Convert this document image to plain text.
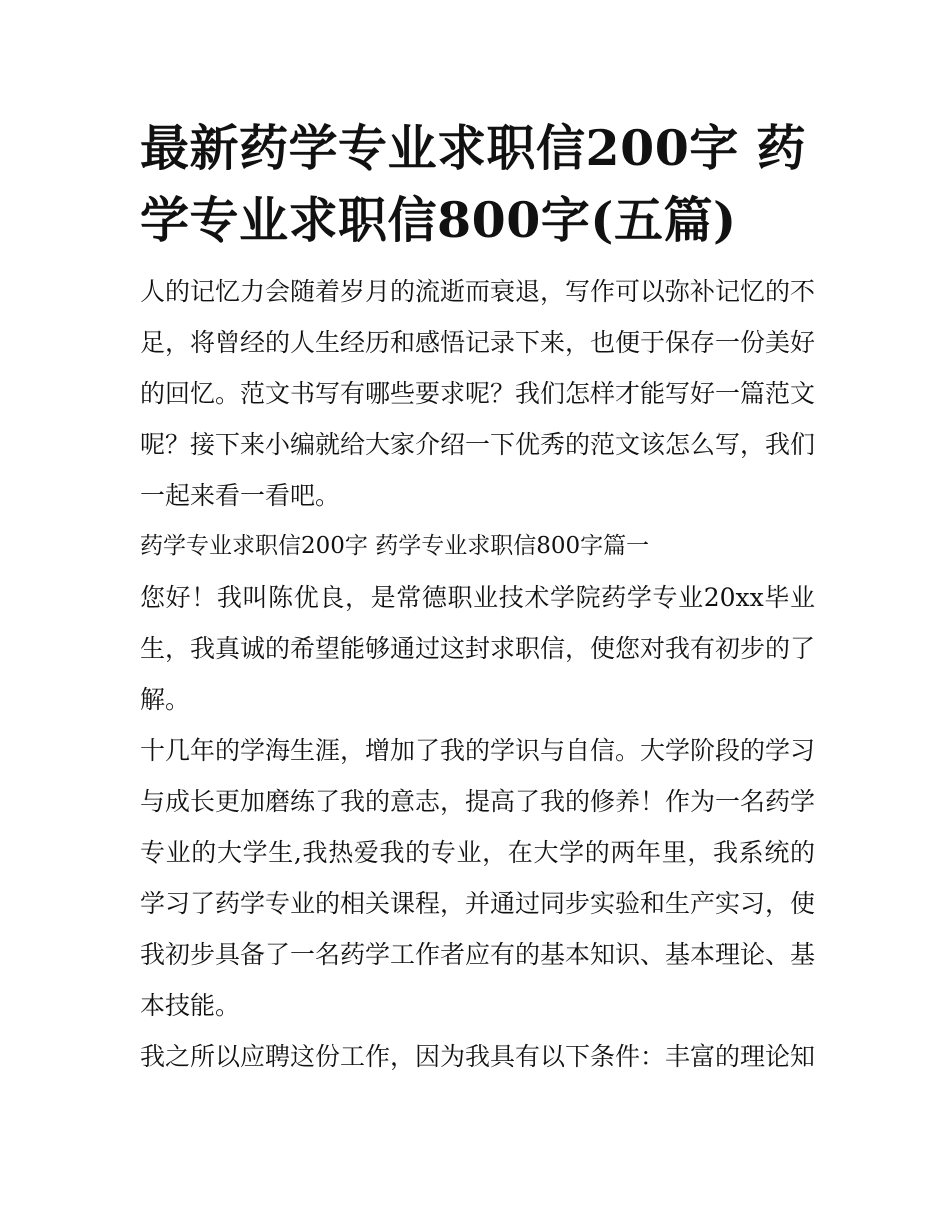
最新药学专业求职信200字 药学专业求职信800字(五篇)

人的记忆力会随着岁月的流逝而衰退，写作可以弥补记忆的不足，将曾经的人生经历和感悟记录下来，也便于保存一份美好的回忆。范文书写有哪些要求呢？我们怎样才能写好一篇范文呢？接下来小编就给大家介绍一下优秀的范文该怎么写，我们一起来看一看吧。

药学专业求职信200字 药学专业求职信800字篇一

您好！我叫陈优良，是常德职业技术学院药学专业20xx毕业生，我真诚的希望能够通过这封求职信，使您对我有初步的了解。

十几年的学海生涯，增加了我的学识与自信。大学阶段的学习与成长更加磨练了我的意志，提高了我的修养！作为一名药学专业的大学生,我热爱我的专业，在大学的两年里，我系统的学习了药学专业的相关课程，并通过同步实验和生产实习，使我初步具备了一名药学工作者应有的基本知识、基本理论、基本技能。

我之所以应聘这份工作，因为我具有以下条件：丰富的理论知
